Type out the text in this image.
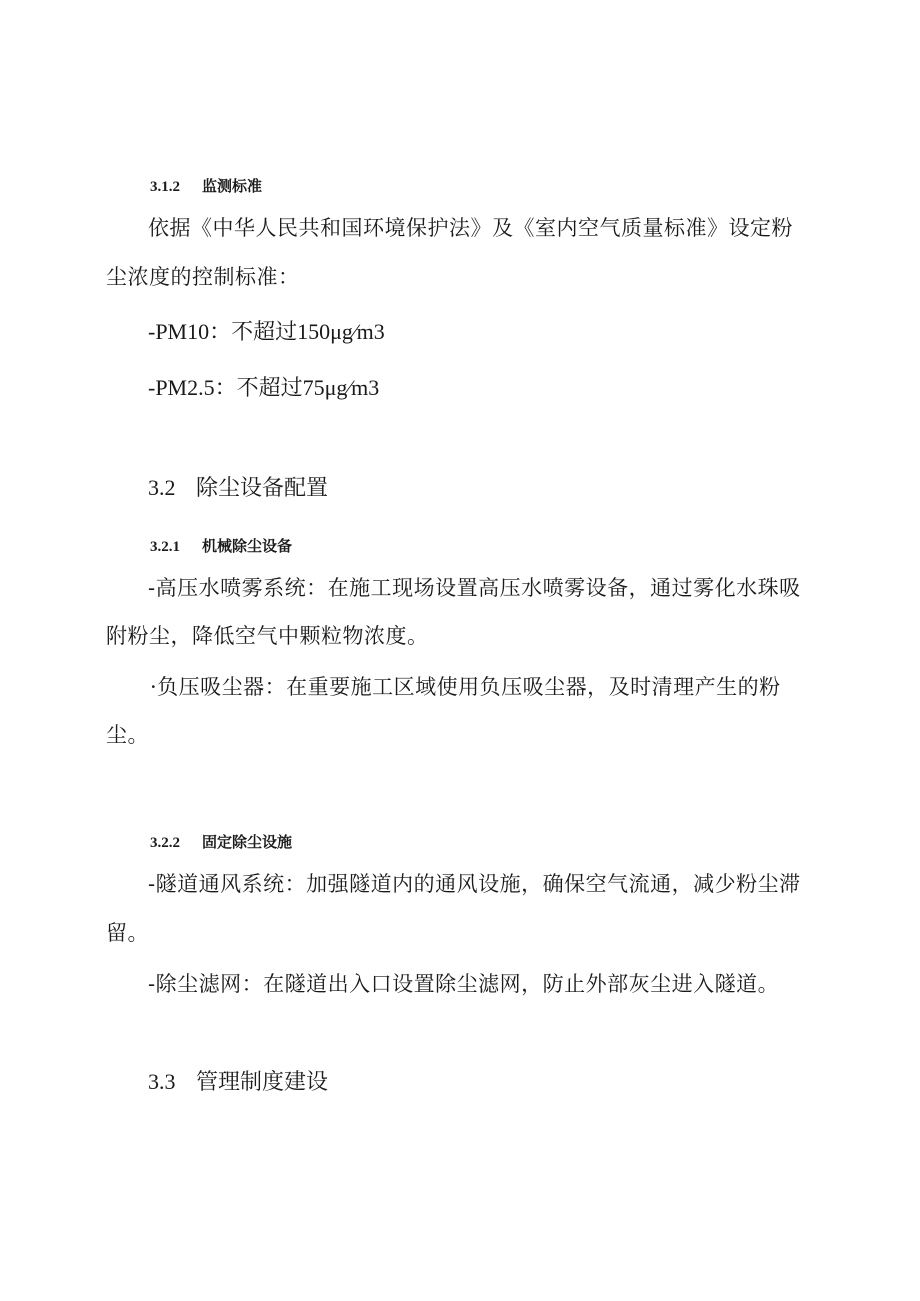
3.1.2 监测标准
依据《中华人民共和国环境保护法》及《室内空气质量标准》设定粉
尘浓度的控制标准：
-PM10：不超过150μg∕m3
-PM2.5：不超过75μg∕m3
3.2 除尘设备配置
3.2.1 机械除尘设备
-高压水喷雾系统：在施工现场设置高压水喷雾设备，通过雾化水珠吸
附粉尘，降低空气中颗粒物浓度。
·负压吸尘器：在重要施工区域使用负压吸尘器，及时清理产生的粉
尘。
3.2.2 固定除尘设施
-隧道通风系统：加强隧道内的通风设施，确保空气流通，减少粉尘滞
留。
-除尘滤网：在隧道出入口设置除尘滤网，防止外部灰尘进入隧道。
3.3 管理制度建设
